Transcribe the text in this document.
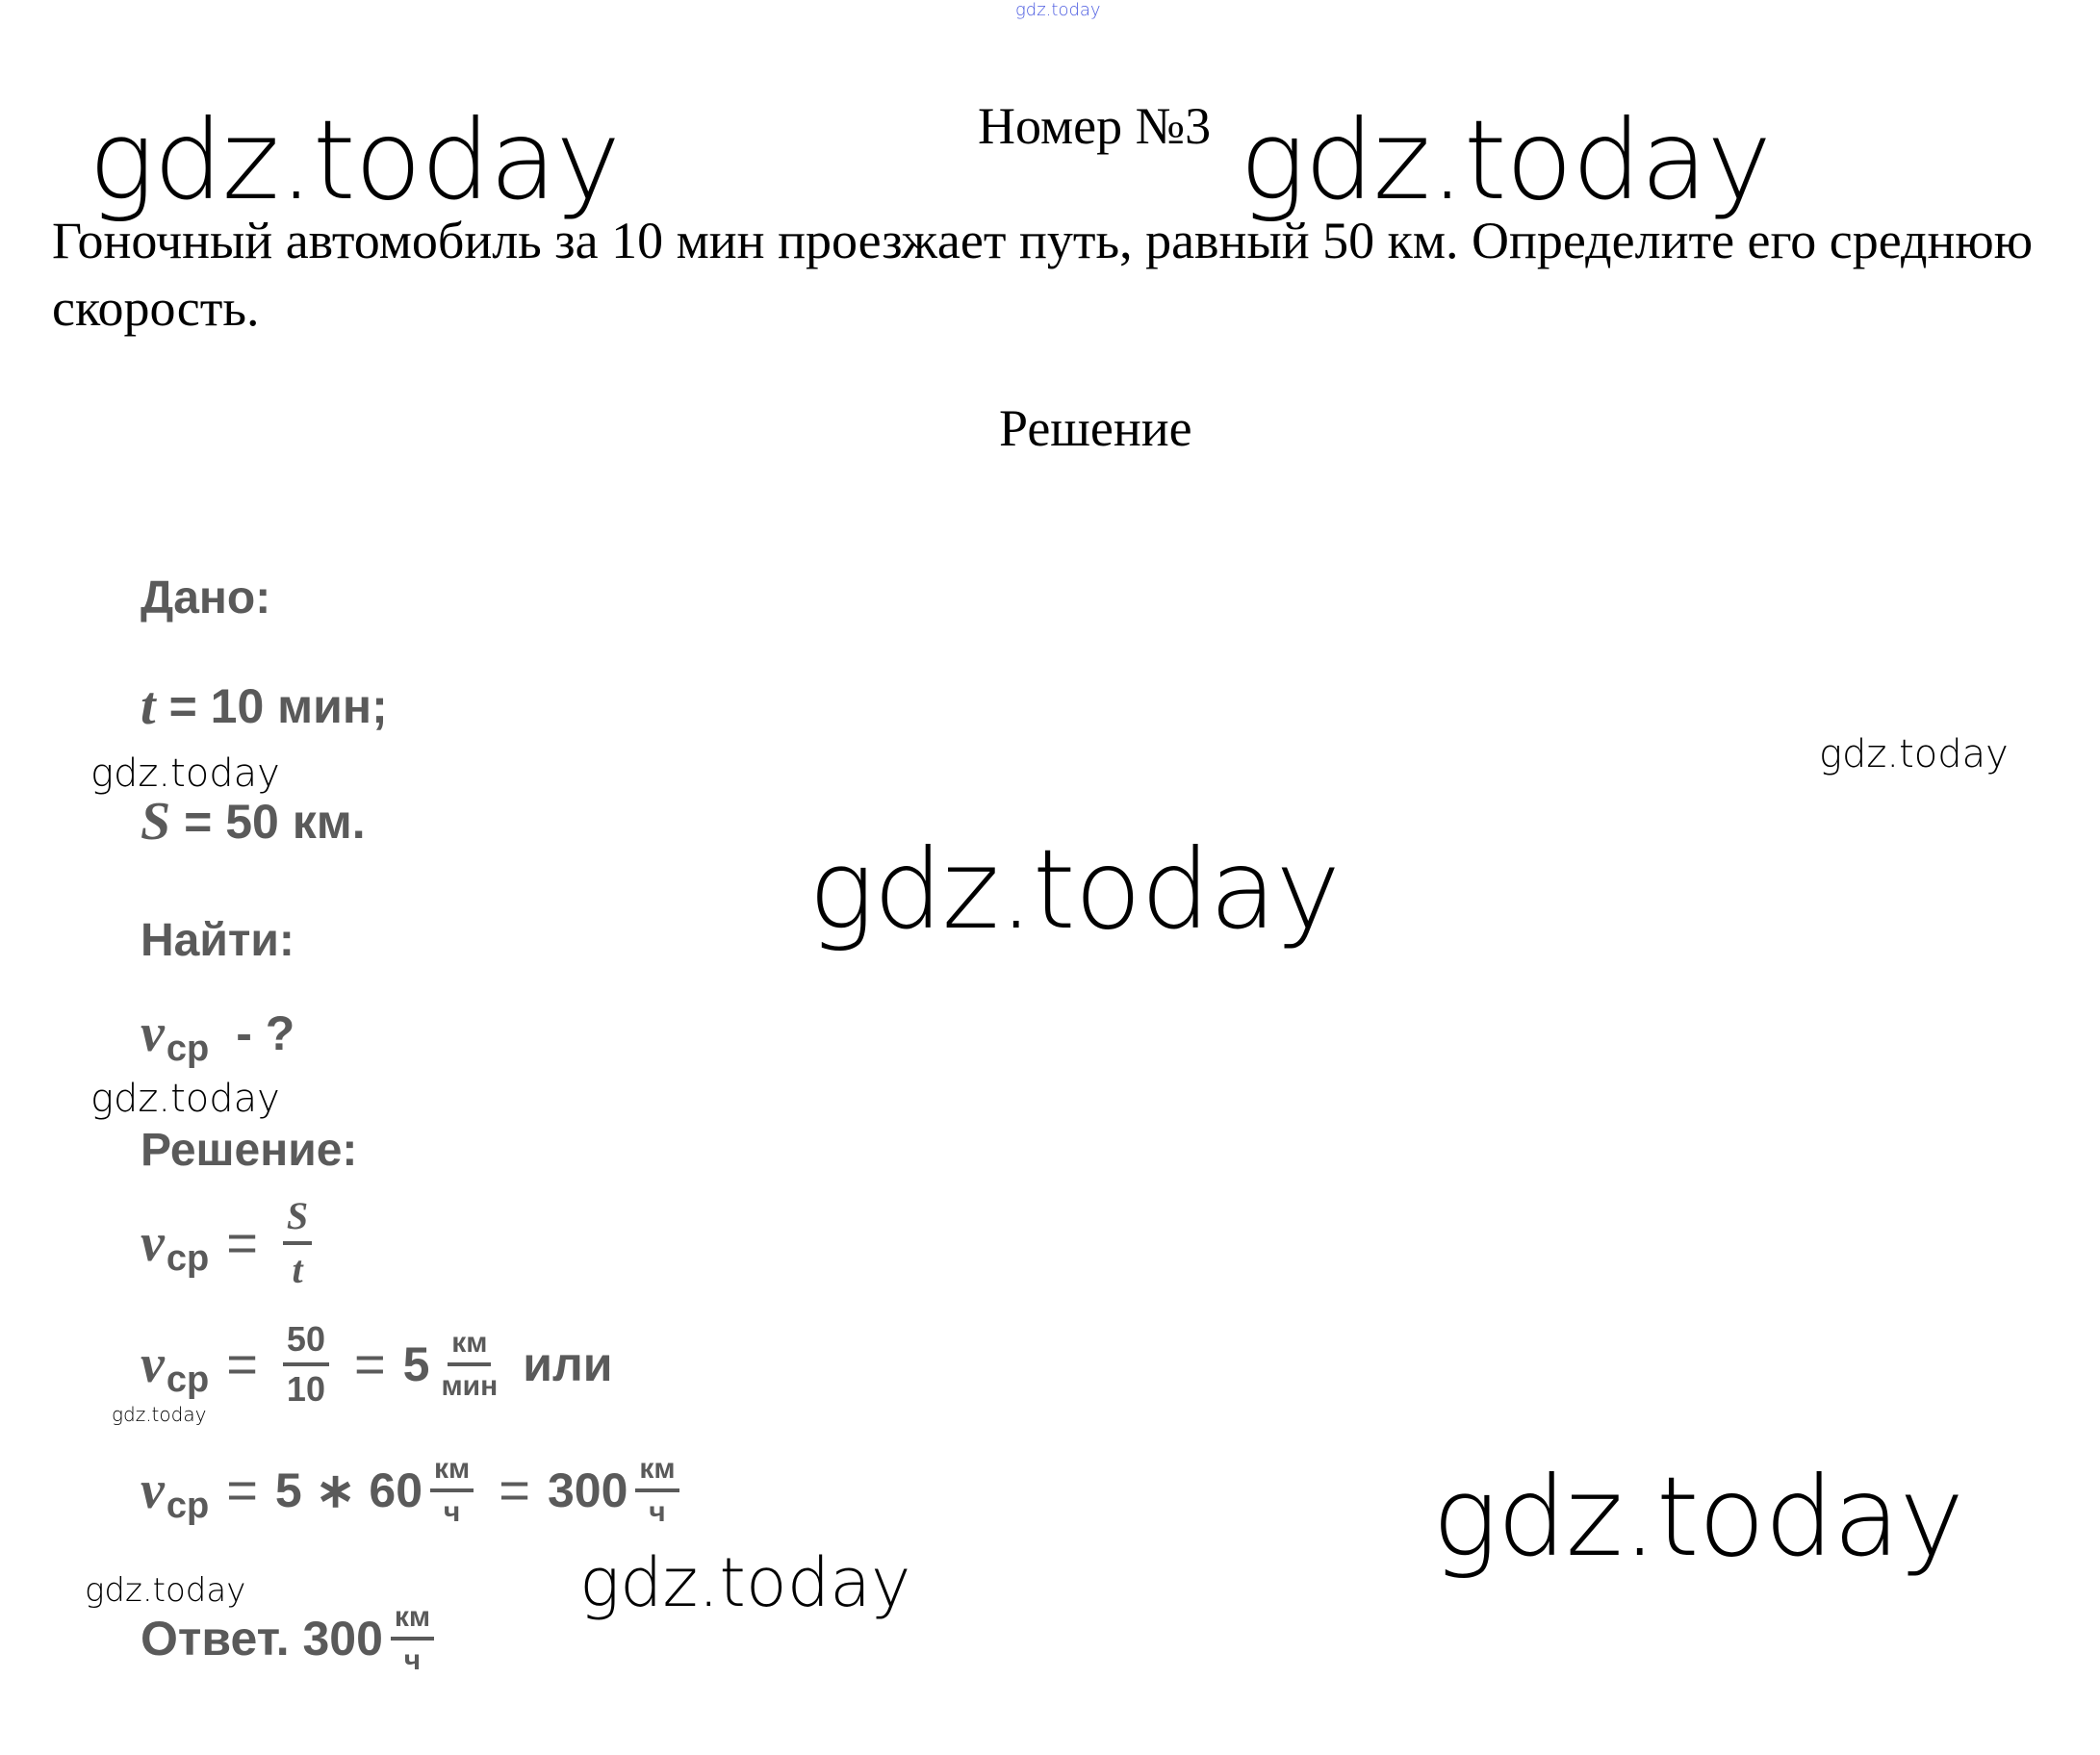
gdz.today
gdz.today	gdz.today
gdz.today
gdz.today
gdz.today
gdz.today
gdz.today
gdz.today
gdz.today
gdz.today
Номер №3
Гоночный автомобиль за 10 мин проезжает путь, равный 50 км. Определите его среднюю скорость.
Решение
Дано:
t = 10 мин;
S = 50 км.
Найти:
v ср - ?
Решение:
v ср = $\frac{S}{t}$
v ср = $\frac{50}{10} = 5 \frac{км}{\text{мин}}$ или
v ср = 5 ∗ $60 \frac{км}{ч} = 300 \frac{км}{ч}$
Ответ. $300 \frac{км}{ч}$
